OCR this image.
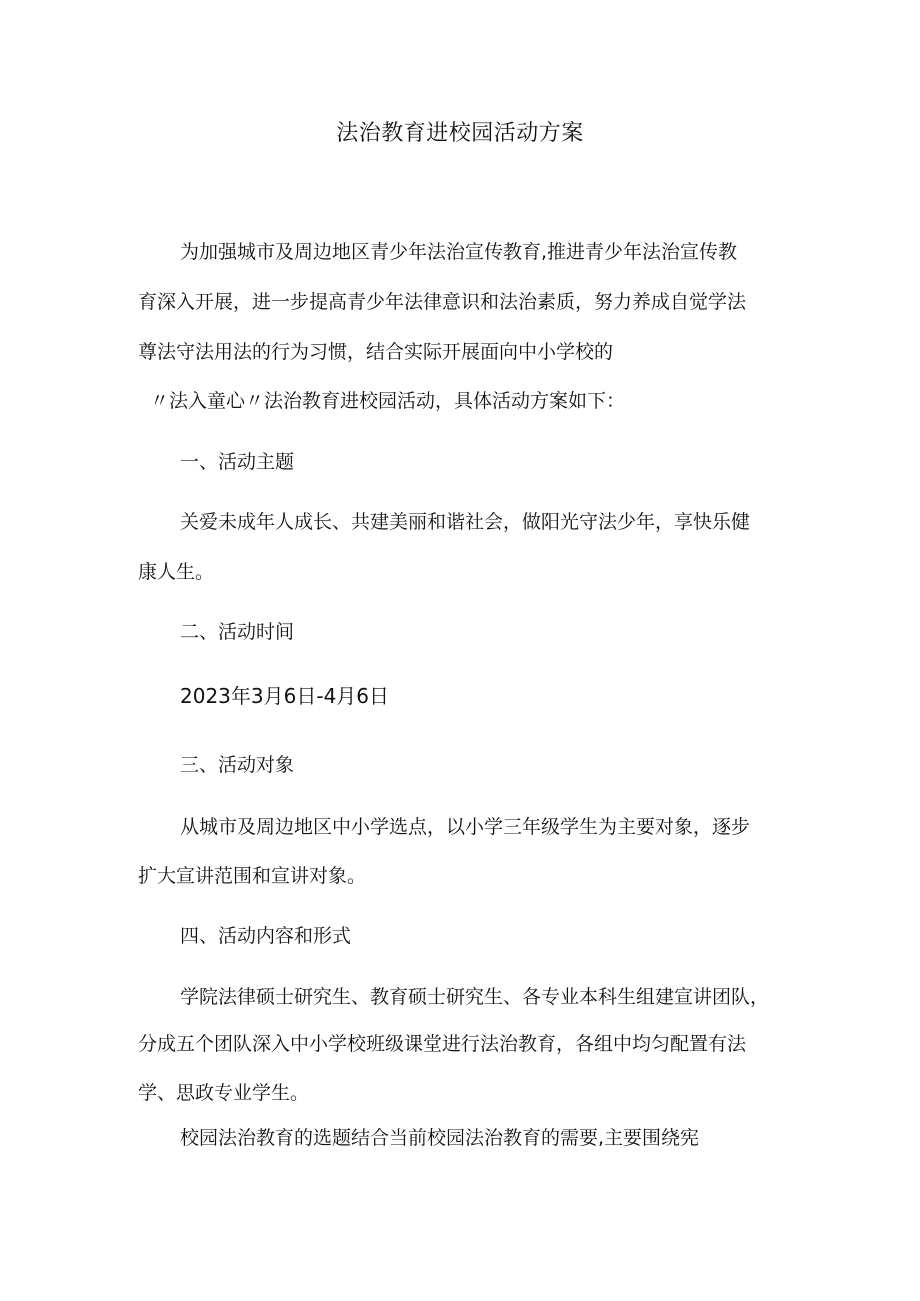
法治教育进校园活动方案
为加强城市及周边地区青少年法治宣传教育,推进青少年法治宣传教
育深入开展，进一步提高青少年法律意识和法治素质，努力养成自觉学法
尊法守法用法的行为习惯，结合实际开展面向中小学校的
〃法入童心〃法治教育进校园活动，具体活动方案如下：
一、活动主题
关爱未成年人成长、共建美丽和谐社会，做阳光守法少年，享快乐健
康人生。
二、活动时间
2023年3月6日-4月6日
三、活动对象
从城市及周边地区中小学选点，以小学三年级学生为主要对象，逐步
扩大宣讲范围和宣讲对象。
四、活动内容和形式
学院法律硕士研究生、教育硕士研究生、各专业本科生组建宣讲团队，
分成五个团队深入中小学校班级课堂进行法治教育，各组中均匀配置有法
学、思政专业学生。
校园法治教育的选题结合当前校园法治教育的需要,主要围绕宪
